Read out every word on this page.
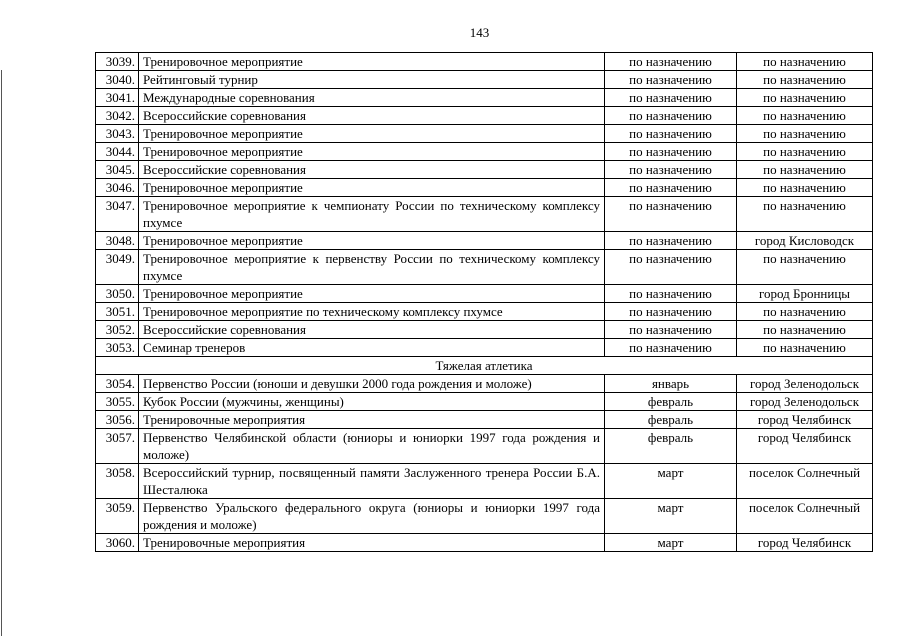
143
3039.	Тренировочное мероприятие	по назначению	по назначению
3040.	Рейтинговый турнир	по назначению	по назначению
3041.	Международные соревнования	по назначению	по назначению
3042.	Всероссийские соревнования	по назначению	по назначению
3043.	Тренировочное мероприятие	по назначению	по назначению
3044.	Тренировочное мероприятие	по назначению	по назначению
3045.	Всероссийские соревнования	по назначению	по назначению
3046.	Тренировочное мероприятие	по назначению	по назначению
3047.	Тренировочное мероприятие к чемпионату России по техническому комплексу пхумсе	по назначению	по назначению
3048.	Тренировочное мероприятие	по назначению	город Кисловодск
3049.	Тренировочное мероприятие к первенству России по техническому комплексу пхумсе	по назначению	по назначению
3050.	Тренировочное мероприятие	по назначению	город Бронницы
3051.	Тренировочное мероприятие по техническому комплексу пхумсе	по назначению	по назначению
3052.	Всероссийские соревнования	по назначению	по назначению
3053.	Семинар тренеров	по назначению	по назначению
Тяжелая атлетика			
3054.	Первенство России (юноши и девушки 2000 года рождения и моложе)	январь	город Зеленодольск
3055.	Кубок России (мужчины, женщины)	февраль	город Зеленодольск
3056.	Тренировочные мероприятия	февраль	город Челябинск
3057.	Первенство Челябинской области (юниоры и юниорки 1997 года рождения и моложе)	февраль	город Челябинск
3058.	Всероссийский турнир, посвященный памяти Заслуженного тренера России Б.А. Шесталюка	март	поселок Солнечный
3059.	Первенство Уральского федерального округа (юниоры и юниорки 1997 года рождения и моложе)	март	поселок Солнечный
3060.	Тренировочные мероприятия	март	город Челябинск
